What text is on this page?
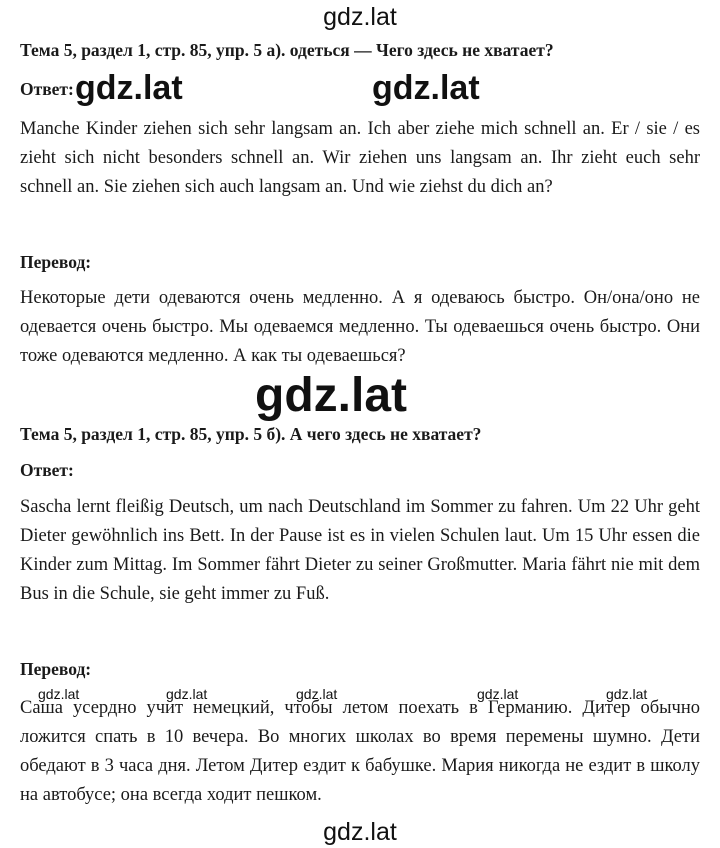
gdz.lat
Тема 5, раздел 1, стр. 85, упр. 5 а). одеться — Чего здесь не хватает?
Ответ: gdz.lat	gdz.lat

Manche Kinder ziehen sich sehr langsam an. Ich aber ziehe mich schnell an. Er / sie / es zieht sich nicht besonders schnell an. Wir ziehen uns langsam an. Ihr zieht euch sehr schnell an. Sie ziehen sich auch langsam an. Und wie ziehst du dich an?

Перевод:

Некоторые дети одеваются очень медленно. А я одеваюсь быстро. Он/она/оно не одевается очень быстро. Мы одеваемся медленно. Ты одеваешься очень быстро. Они тоже одеваются медленно. А как ты одеваешься?

gdz.lat
Тема 5, раздел 1, стр. 85, упр. 5 б). А чего здесь не хватает?
Ответ:

Sascha lernt fleißig Deutsch, um nach Deutschland im Sommer zu fahren. Um 22 Uhr geht Dieter gewöhnlich ins Bett. In der Pause ist es in vielen Schulen laut. Um 15 Uhr essen die Kinder zum Mittag. Im Sommer fährt Dieter zu seiner Großmutter. Maria fährt nie mit dem Bus in die Schule, sie geht immer zu Fuß.

Перевод:

Саша усердно учит немецкий, чтобы летом поехать в Германию. Дитер обычно ложится спать в 10 вечера. Во многих школах во время перемены шумно. Дети обедают в 3 часа дня. Летом Дитер ездит к бабушке. Мария никогда не ездит в школу на автобусе; она всегда ходит пешком.

gdz.lat	gdz.lat	gdz.lat	gdz.lat	gdz.lat
gdz.lat
